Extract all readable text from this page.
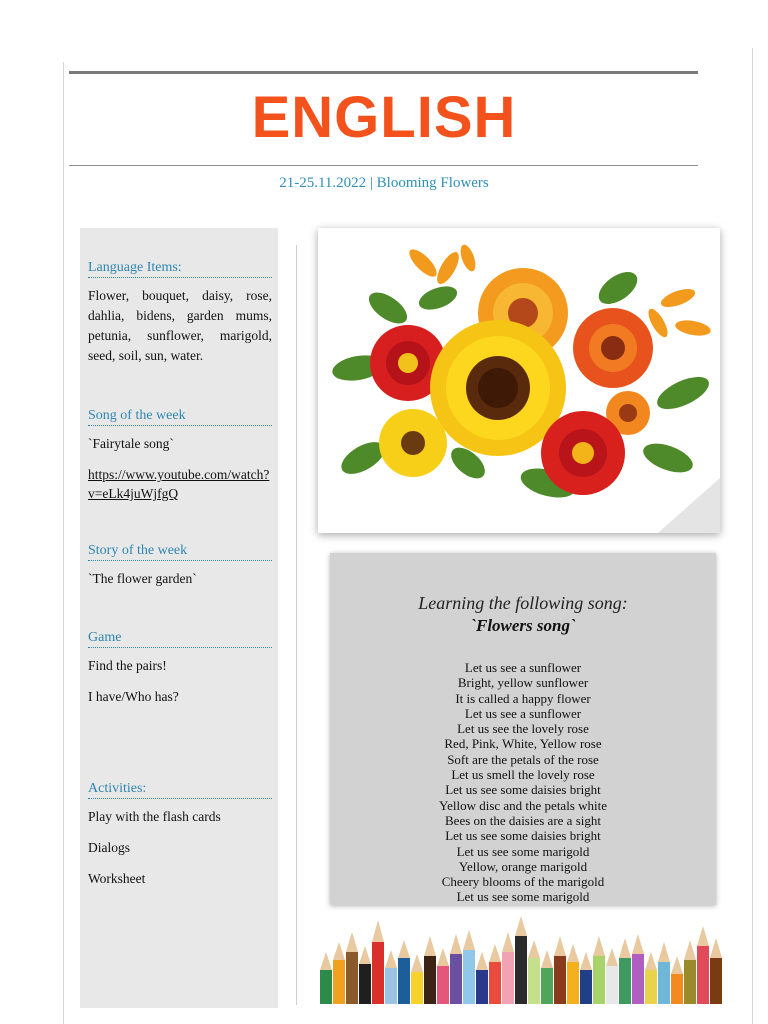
ENGLISH
21-25.11.2022 | Blooming Flowers
Language Items:
Flower, bouquet, daisy, rose, dahlia, bidens, garden mums, petunia, sunflower, marigold, seed, soil, sun, water.
Song of the week
`Fairytale song`
https://www.youtube.com/watch?v=eLk4juWjfgQ
Story of the week
`The flower garden`
Game
Find the pairs!
I have/Who has?
Activities:
Play with the flash cards
Dialogs
Worksheet
Learning the following song:
`Flowers song`
Let us see a sunflower
Bright, yellow sunflower
It is called a happy flower
Let us see a sunflower
Let us see the lovely rose
Red, Pink, White, Yellow rose
Soft are the petals of the rose
Let us smell the lovely rose
Let us see some daisies bright
Yellow disc and the petals white
Bees on the daisies are a sight
Let us see some daisies bright
Let us see some marigold
Yellow, orange marigold
Cheery blooms of the marigold
Let us see some marigold
